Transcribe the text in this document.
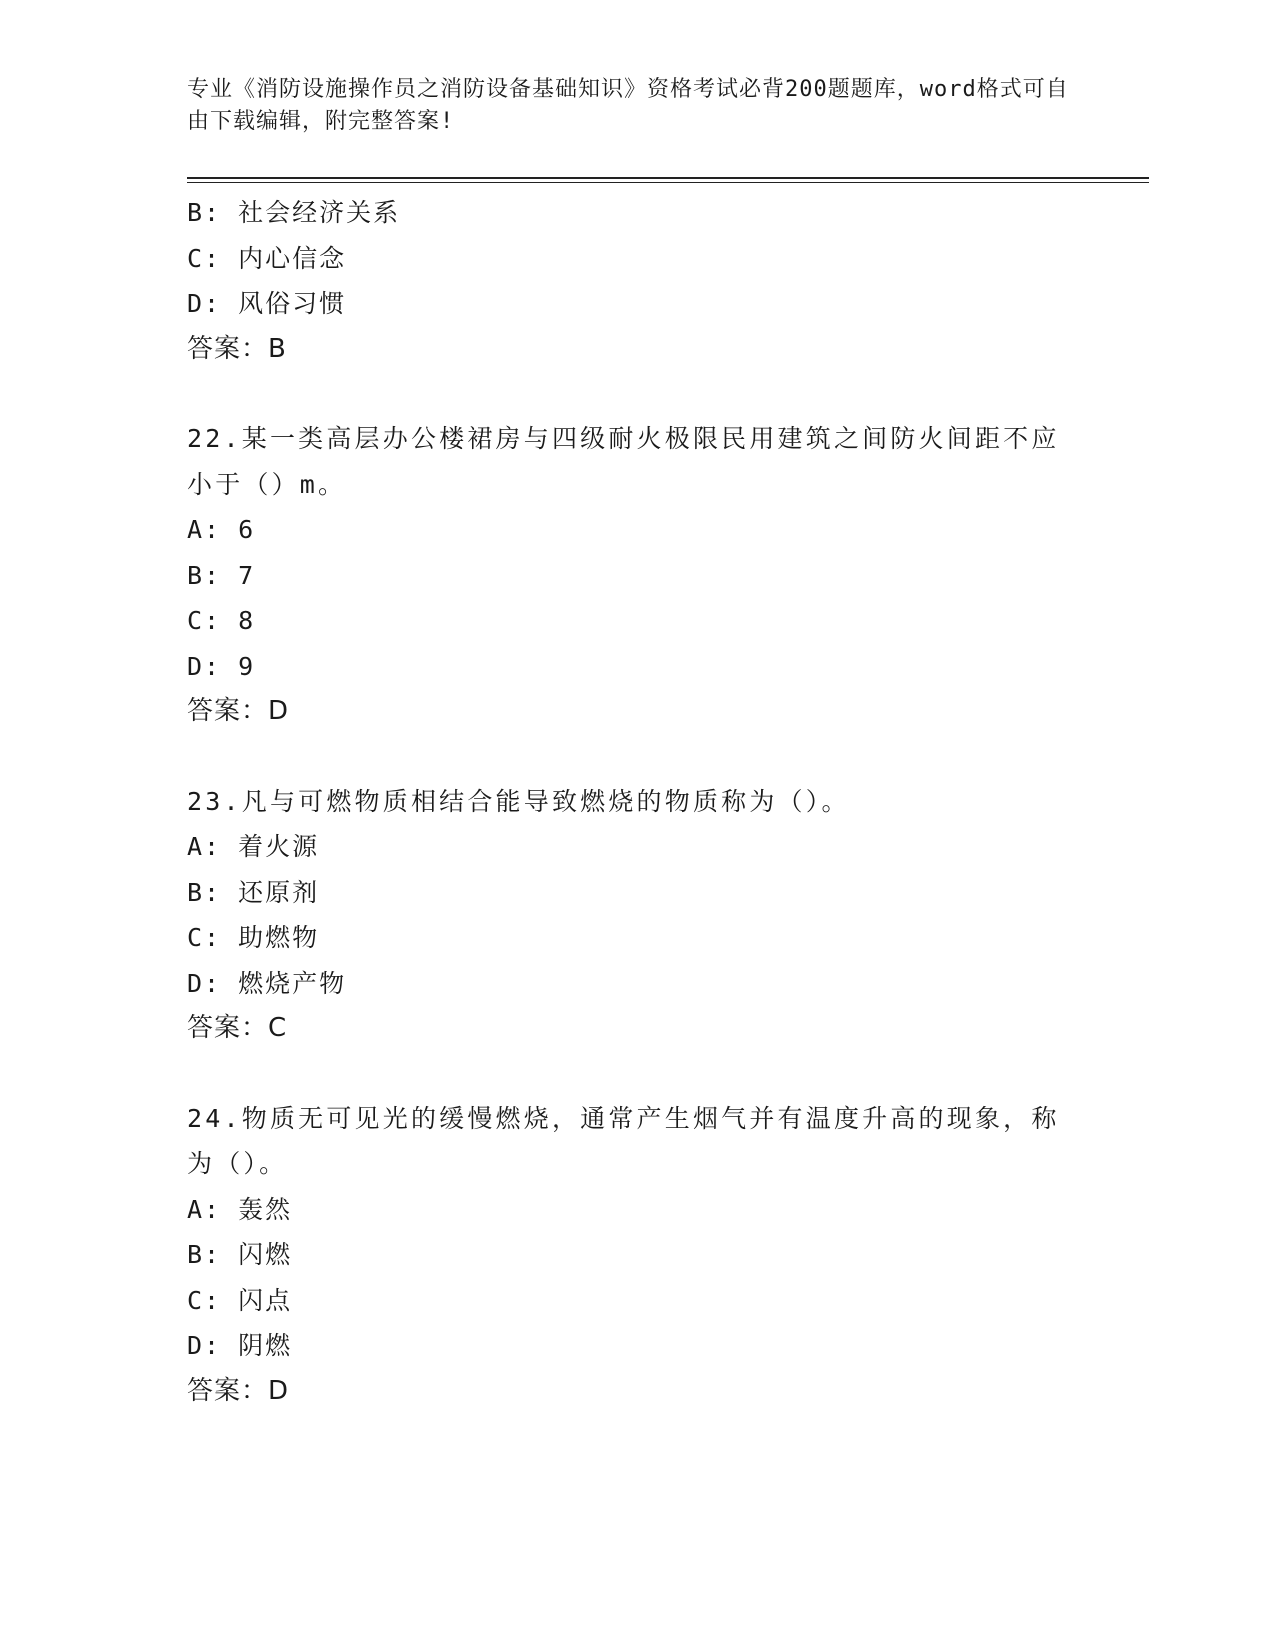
专业《消防设施操作员之消防设备基础知识》资格考试必背200题题库，word格式可自由下载编辑，附完整答案!
B: 社会经济关系
C: 内心信念
D: 风俗习惯
答案：B
22.某一类高层办公楼裙房与四级耐火极限民用建筑之间防火间距不应小于（）m。
A: 6
B: 7
C: 8
D: 9
答案：D
23.凡与可燃物质相结合能导致燃烧的物质称为（）。
A: 着火源
B: 还原剂
C: 助燃物
D: 燃烧产物
答案：C
24.物质无可见光的缓慢燃烧，通常产生烟气并有温度升高的现象，称为（）。
A: 轰然
B: 闪燃
C: 闪点
D: 阴燃
答案：D
